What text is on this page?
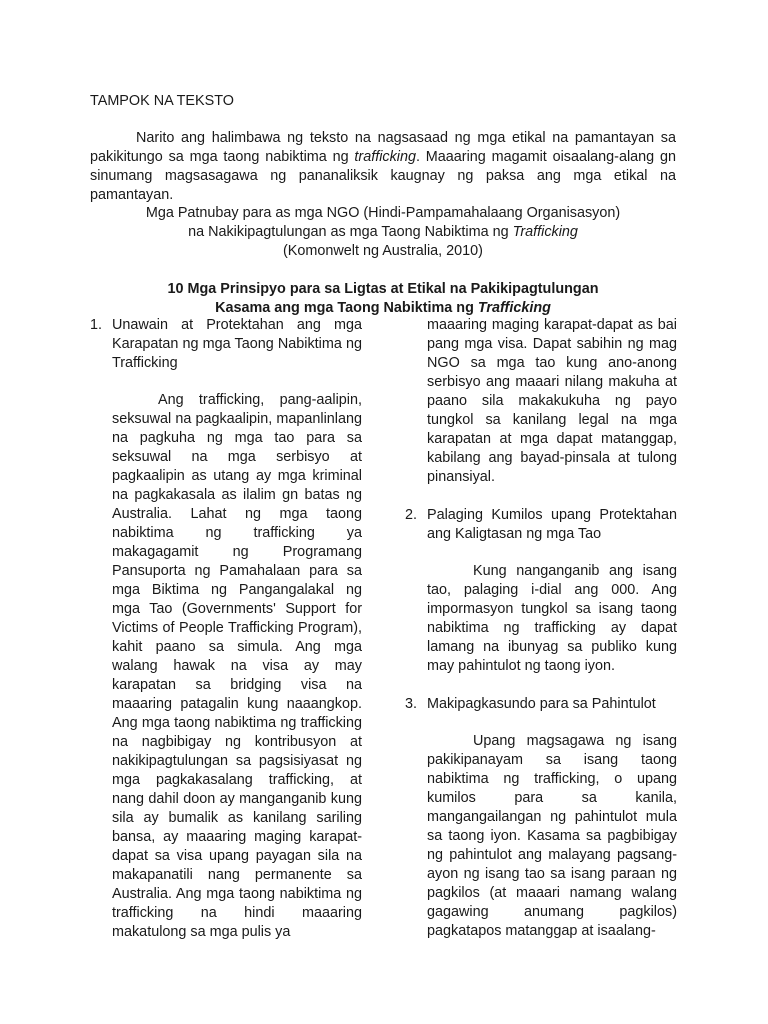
TAMPOK NA TEKSTO

Narito ang halimbawa ng teksto na nagsasaad ng mga etikal na pamantayan sa pakikitungo sa mga taong nabiktima ng trafficking. Maaaring magamit oisaalang-alang gn sinumang magsasagawa ng pananaliksik kaugnay ng paksa ang mga etikal na pamantayan.

Mga Patnubay para as mga NGO (Hindi-Pampamahalaang Organisasyon)
na Nakikipagtulungan as mga Taong Nabiktima ng Trafficking
(Komonwelt ng Australia, 2010)
10 Mga Prinsipyo para sa Ligtas at Etikal na Pakikipagtulungan
Kasama ang mga Taong Nabiktima ng Trafficking
1. Unawain at Protektahan ang mga Karapatan ng mga Taong Nabiktima ng Trafficking
Ang trafficking, pang-aalipin, seksuwal na pagkaalipin, mapanlinlang na pagkuha ng mga tao para sa seksuwal na mga serbisyo at pagkaalipin as utang ay mga kriminal na pagkakasala as ilalim gn batas ng Australia. Lahat ng mga taong nabiktima ng trafficking ya makagagamit ng Programang Pansuporta ng Pamahalaan para sa mga Biktima ng Pangangalakal ng mga Tao (Governments' Support for Victims of People Trafficking Program), kahit paano sa simula. Ang mga walang hawak na visa ay may karapatan sa bridging visa na maaaring patagalin kung naaangkop. Ang mga taong nabiktima ng trafficking na nagbibigay ng kontribusyon at nakikipagtulungan sa pagsisiyasat ng mga pagkakasalang trafficking, at nang dahil doon ay manganganib kung sila ay bumalik as kanilang sariling bansa, ay maaaring maging karapat-dapat sa visa upang payagan sila na makapanatili nang permanente sa Australia. Ang mga taong nabiktima ng trafficking na hindi maaaring makatulong sa mga pulis ya
maaaring maging karapat-dapat as bai pang mga visa. Dapat sabihin ng mag NGO sa mga tao kung ano-anong serbisyo ang maaari nilang makuha at paano sila makakukuha ng payo tungkol sa kanilang legal na mga karapatan at mga dapat matanggap, kabilang ang bayad-pinsala at tulong pinansiyal.
2. Palaging Kumilos upang Protektahan ang Kaligtasan ng mga Tao
Kung nanganganib ang isang tao, palaging i-dial ang 000. Ang impormasyon tungkol sa isang taong nabiktima ng trafficking ay dapat lamang na ibunyag sa publiko kung may pahintulot ng taong iyon.
3. Makipagkasundo para sa Pahintulot
Upang magsagawa ng isang pakikipanayam sa isang taong nabiktima ng trafficking, o upang kumilos para sa kanila, mangangailangan ng pahintulot mula sa taong iyon. Kasama sa pagbibigay ng pahintulot ang malayang pagsang-ayon ng isang tao sa isang paraan ng pagkilos (at maaari namang walang gagawing anumang pagkilos) pagkatapos matanggap at isaalang-
